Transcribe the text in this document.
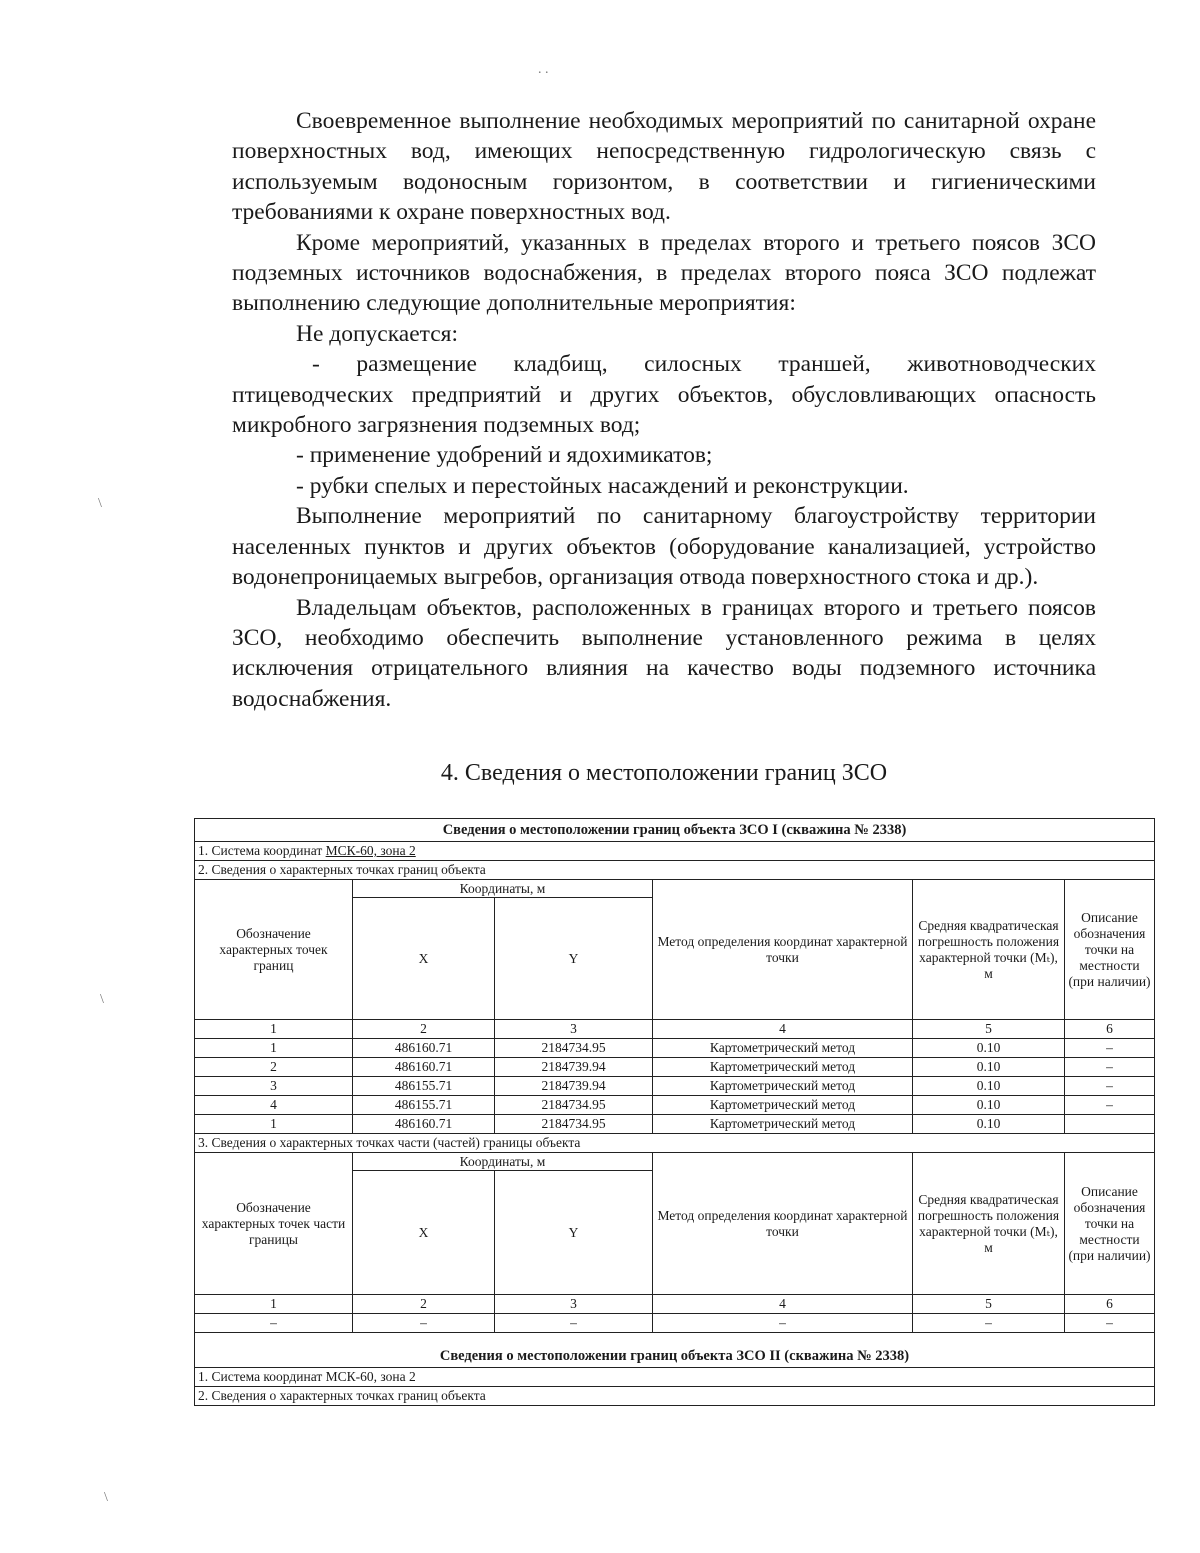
. .
\
\
\

Своевременное выполнение необходимых мероприятий по санитарной охране поверхностных вод, имеющих непосредственную гидрологическую связь с используемым водоносным горизонтом, в соответствии и гигиеническими требованиями к охране поверхностных вод.

Кроме мероприятий, указанных в пределах второго и третьего поясов ЗСО подземных источников водоснабжения, в пределах второго пояса ЗСО подлежат выполнению следующие дополнительные мероприятия:

Не допускается:

- размещение кладбищ, силосных траншей, животноводческих птицеводческих предприятий и других объектов, обусловливающих опасность микробного загрязнения подземных вод;

- применение удобрений и ядохимикатов;

- рубки спелых и перестойных насаждений и реконструкции.

Выполнение мероприятий по санитарному благоустройству территории населенных пунктов и других объектов (оборудование канализацией, устройство водонепроницаемых выгребов, организация отвода поверхностного стока и др.).

Владельцам объектов, расположенных в границах второго и третьего поясов ЗСО, необходимо обеспечить выполнение установленного режима в целях исключения отрицательного влияния на качество воды подземного источника водоснабжения.

4. Сведения о местоположении границ ЗСО
Сведения о местоположении границ объекта ЗСО I (скважина № 2338)					
1. Система координат МСК-60, зона 2					
2. Сведения о характерных точках границ объекта					
Обозначение характерных точек границ	Координаты, м		Метод определения координат характерной точки	Средняя квадратическая погрешность положения характерной точки (Mₜ), м	Описание обозначения точки на местности (при наличии)
	X	Y			
1	2	3	4	5	6
1	486160.71	2184734.95	Картометрический метод	0.10	–
2	486160.71	2184739.94	Картометрический метод	0.10	–
3	486155.71	2184739.94	Картометрический метод	0.10	–
4	486155.71	2184734.95	Картометрический метод	0.10	–
1	486160.71	2184734.95	Картометрический метод	0.10	
3. Сведения о характерных точках части (частей) границы объекта					
Обозначение характерных точек части границы	Координаты, м		Метод определения координат характерной точки	Средняя квадратическая погрешность положения характерной точки (Mₜ), м	Описание обозначения точки на местности (при наличии)
	X	Y			
1	2	3	4	5	6
–	–	–	–	–	–

Сведения о местоположении границ объекта ЗСО II (скважина № 2338)					
1. Система координат МСК-60, зона 2					
2. Сведения о характерных точках границ объекта					
